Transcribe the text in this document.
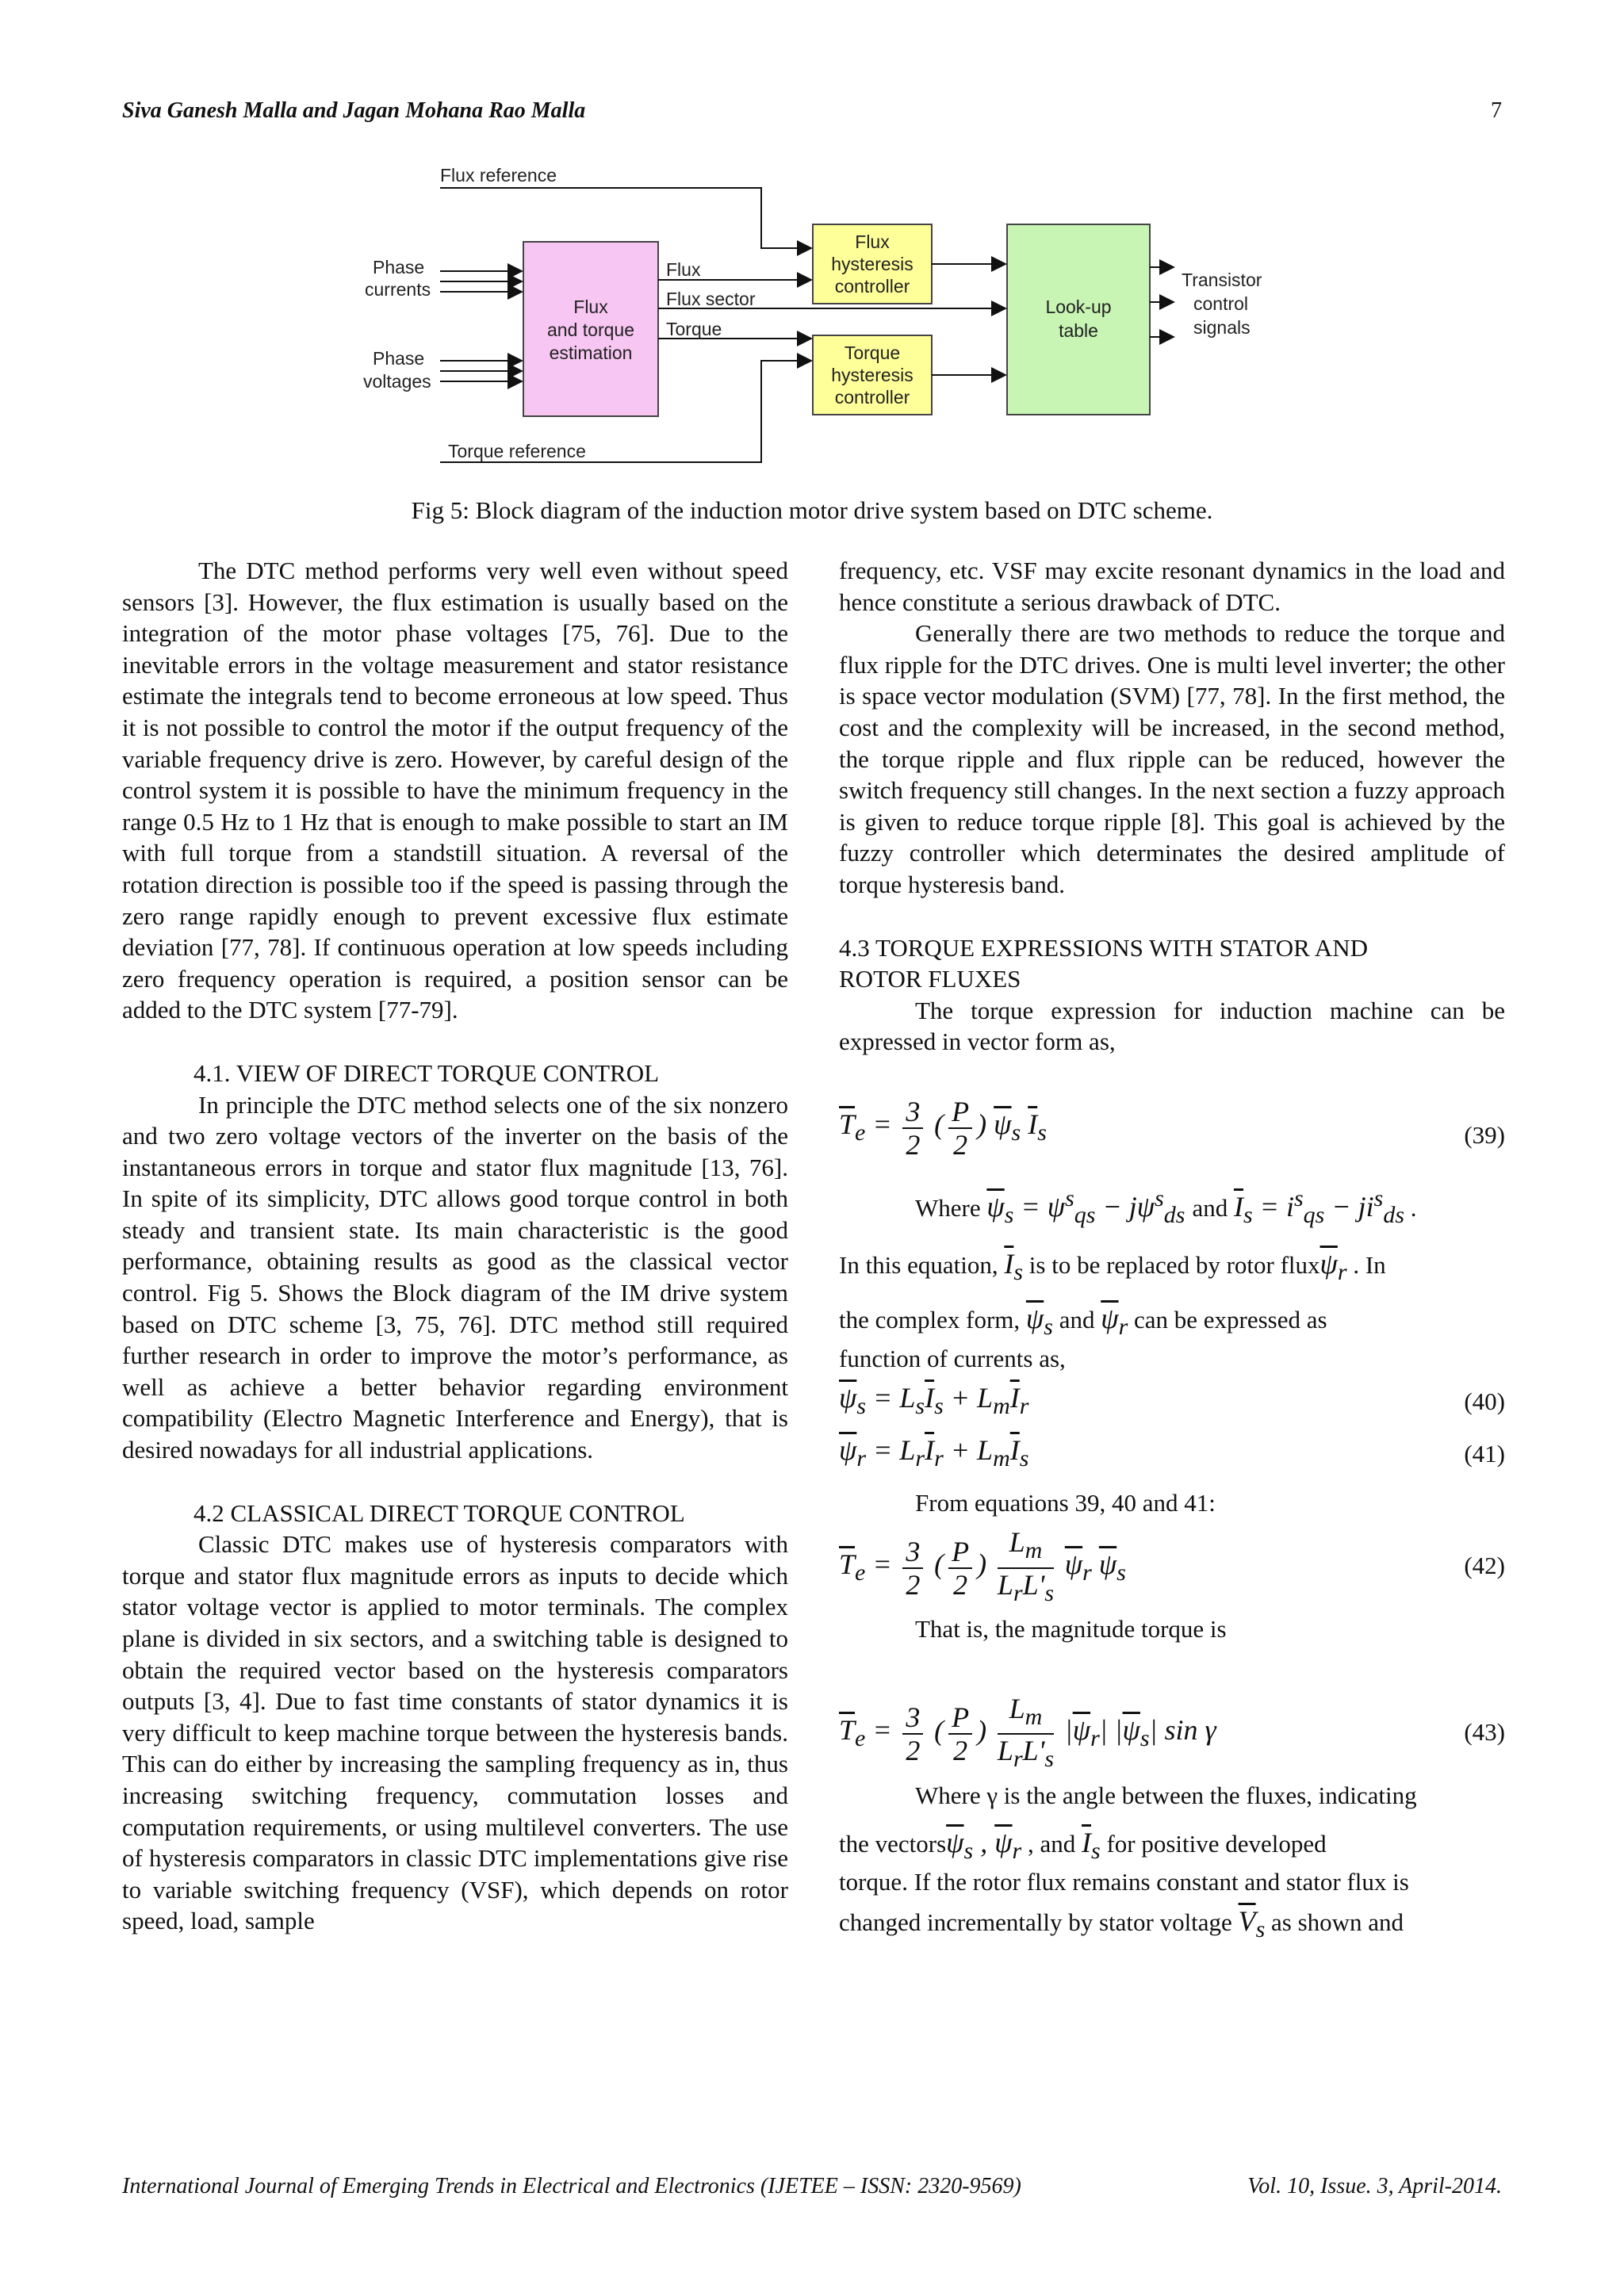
Siva Ganesh Malla and Jagan Mohana Rao Malla	7
Flux reference
Torque reference
Phase
currents
Phase
voltages
Flux
and torque
estimation
Flux
Flux sector
Torque
Flux
hysteresis
controller
Torque
hysteresis
controller
Look-up
table
Transistor
control
signals
Fig 5: Block diagram of the induction motor drive system based on DTC scheme.

The DTC method performs very well even without speed sensors [3]. However, the flux estimation is usually based on the integration of the motor phase voltages [75, 76]. Due to the inevitable errors in the voltage measurement and stator resistance estimate the integrals tend to become erroneous at low speed. Thus it is not possible to control the motor if the output frequency of the variable frequency drive is zero. However, by careful design of the control system it is possible to have the minimum frequency in the range 0.5 Hz to 1 Hz that is enough to make possible to start an IM with full torque from a standstill situation. A reversal of the rotation direction is possible too if the speed is passing through the zero range rapidly enough to prevent excessive flux estimate deviation [77, 78]. If continuous operation at low speeds including zero frequency operation is required, a position sensor can be added to the DTC system [77-79].

4.1. VIEW OF DIRECT TORQUE CONTROL

In principle the DTC method selects one of the six nonzero and two zero voltage vectors of the inverter on the basis of the instantaneous errors in torque and stator flux magnitude [13, 76]. In spite of its simplicity, DTC allows good torque control in both steady and transient state. Its main characteristic is the good performance, obtaining results as good as the classical vector control. Fig 5. Shows the Block diagram of the IM drive system based on DTC scheme [3, 75, 76]. DTC method still required further research in order to improve the motor’s performance, as well as achieve a better behavior regarding environment compatibility (Electro Magnetic Interference and Energy), that is desired nowadays for all industrial applications.

4.2 CLASSICAL DIRECT TORQUE CONTROL

Classic DTC makes use of hysteresis comparators with torque and stator flux magnitude errors as inputs to decide which stator voltage vector is applied to motor terminals. The complex plane is divided in six sectors, and a switching table is designed to obtain the required vector based on the hysteresis comparators outputs [3, 4]. Due to fast time constants of stator dynamics it is very difficult to keep machine torque between the hysteresis bands. This can do either by increasing the sampling frequency as in, thus increasing switching frequency, commutation losses and computation requirements, or using multilevel converters. The use of hysteresis comparators in classic DTC implementations give rise to variable switching frequency (VSF), which depends on rotor speed, load, sample

frequency, etc. VSF may excite resonant dynamics in the load and hence constitute a serious drawback of DTC.

Generally there are two methods to reduce the torque and flux ripple for the DTC drives. One is multi level inverter; the other is space vector modulation (SVM) [77, 78]. In the first method, the cost and the complexity will be increased, in the second method, the torque ripple and flux ripple can be reduced, however the switch frequency still changes. In the next section a fuzzy approach is given to reduce torque ripple [8]. This goal is achieved by the fuzzy controller which determinates the desired amplitude of torque hysteresis band.

4.3 TORQUE EXPRESSIONS WITH STATOR AND

ROTOR FLUXES

The torque expression for induction machine can be expressed in vector form as,

$\overline{T}_e = \frac{3}{2}$ ( $\frac{P}{2}$ ) $\overline{\psi}_s$ $\overline{I}_s$	(39)

Where $\overline{\psi}_s = \psi^s_{qs} - j\psi^s_{ds}$ and $\overline{I}_s = i^s_{qs} - ji^s_{ds}$ .

In this equation, $\overline{I}_s$ is to be replaced by rotor $flux\overline{\psi}_r$ . In

the complex form, $\overline{\psi}_s$ and $\overline{\psi}_r$ can be expressed as

function of currents as,

$\overline{\psi}_s = L_s\overline{I}_s + L_m\overline{I}_r$	(40)
$\overline{\psi}_r = L_r\overline{I}_r + L_m\overline{I}_s$	(41)

From equations 39, 40 and 41:

$\overline{T}_e = \frac{3}{2}$ ( $\frac{P}{2}$ ) $\frac{L_m}{L_rL'_s} \overline{\psi}_r$ $\overline{\psi}_s$	(42)

That is, the magnitude torque is

$\overline{T}_e = \frac{3}{2}$ ( $\frac{P}{2}$ ) $\frac{L_m}{L_rL'_s} |\overline{\psi}_r|$ $|\overline{\psi}_s|$ sin γ	(43)

Where γ is the angle between the fluxes, indicating

the $vectors\overline{\psi}_s$ , $\overline{\psi}_r$ , and $\overline{I}_s$ for positive developed

torque. If the rotor flux remains constant and stator flux is

changed incrementally by stator voltage $\overline{V}_s$ as shown and

International Journal of Emerging Trends in Electrical and Electronics (IJETEE – ISSN: 2320-9569)	Vol. 10, Issue. 3, April-2014.
